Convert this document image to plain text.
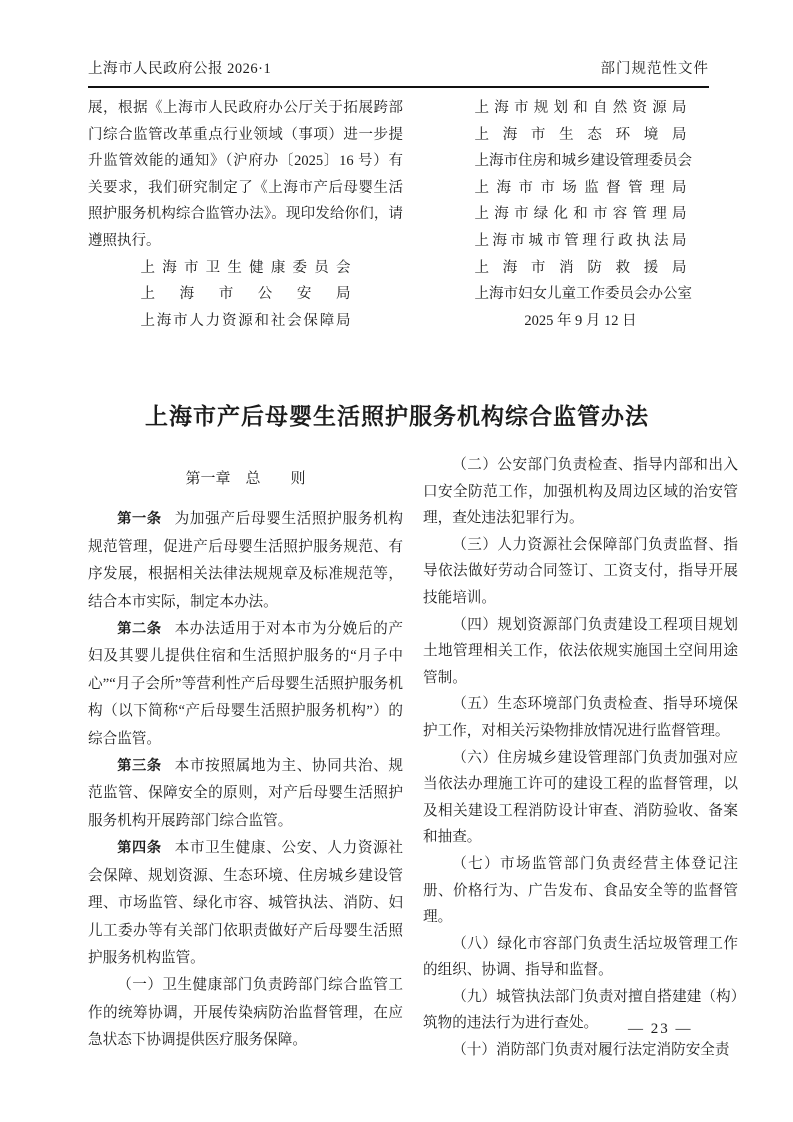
上海市人民政府公报 2026·1	部门规范性文件

展，根据《上海市人民政府办公厅关于拓展跨部门综合监管改革重点行业领域（事项）进一步提升监管效能的通知》（沪府办〔2025〕16 号）有关要求，我们研究制定了《上海市产后母婴生活照护服务机构综合监管办法》。现印发给你们，请遵照执行。

上海市卫生健康委员会
上海市公安局
上海市人力资源和社会保障局
上海市规划和自然资源局
上海市生态环境局
上海市住房和城乡建设管理委员会
上海市市场监督管理局
上海市绿化和市容管理局
上海市城市管理行政执法局
上海市消防救援局
上海市妇女儿童工作委员会办公室
2025 年 9 月 12 日
上海市产后母婴生活照护服务机构综合监管办法

第一章　总　　则

第一条 为加强产后母婴生活照护服务机构规范管理，促进产后母婴生活照护服务规范、有序发展，根据相关法律法规规章及标准规范等，结合本市实际，制定本办法。

第二条 本办法适用于对本市为分娩后的产妇及其婴儿提供住宿和生活照护服务的“月子中心”“月子会所”等营利性产后母婴生活照护服务机构（以下简称“产后母婴生活照护服务机构”）的综合监管。

第三条 本市按照属地为主、协同共治、规范监管、保障安全的原则，对产后母婴生活照护服务机构开展跨部门综合监管。

第四条 本市卫生健康、公安、人力资源社会保障、规划资源、生态环境、住房城乡建设管理、市场监管、绿化市容、城管执法、消防、妇儿工委办等有关部门依职责做好产后母婴生活照护服务机构监管。

（一）卫生健康部门负责跨部门综合监管工作的统筹协调，开展传染病防治监督管理，在应急状态下协调提供医疗服务保障。

（二）公安部门负责检查、指导内部和出入口安全防范工作，加强机构及周边区域的治安管理，查处违法犯罪行为。

（三）人力资源社会保障部门负责监督、指导依法做好劳动合同签订、工资支付，指导开展技能培训。

（四）规划资源部门负责建设工程项目规划土地管理相关工作，依法依规实施国土空间用途管制。

（五）生态环境部门负责检查、指导环境保护工作，对相关污染物排放情况进行监督管理。

（六）住房城乡建设管理部门负责加强对应当依法办理施工许可的建设工程的监督管理，以及相关建设工程消防设计审查、消防验收、备案和抽查。

（七）市场监管部门负责经营主体登记注册、价格行为、广告发布、食品安全等的监督管理。

（八）绿化市容部门负责生活垃圾管理工作的组织、协调、指导和监督。

（九）城管执法部门负责对擅自搭建建（构）筑物的违法行为进行查处。

（十）消防部门负责对履行法定消防安全责

— 23 —
